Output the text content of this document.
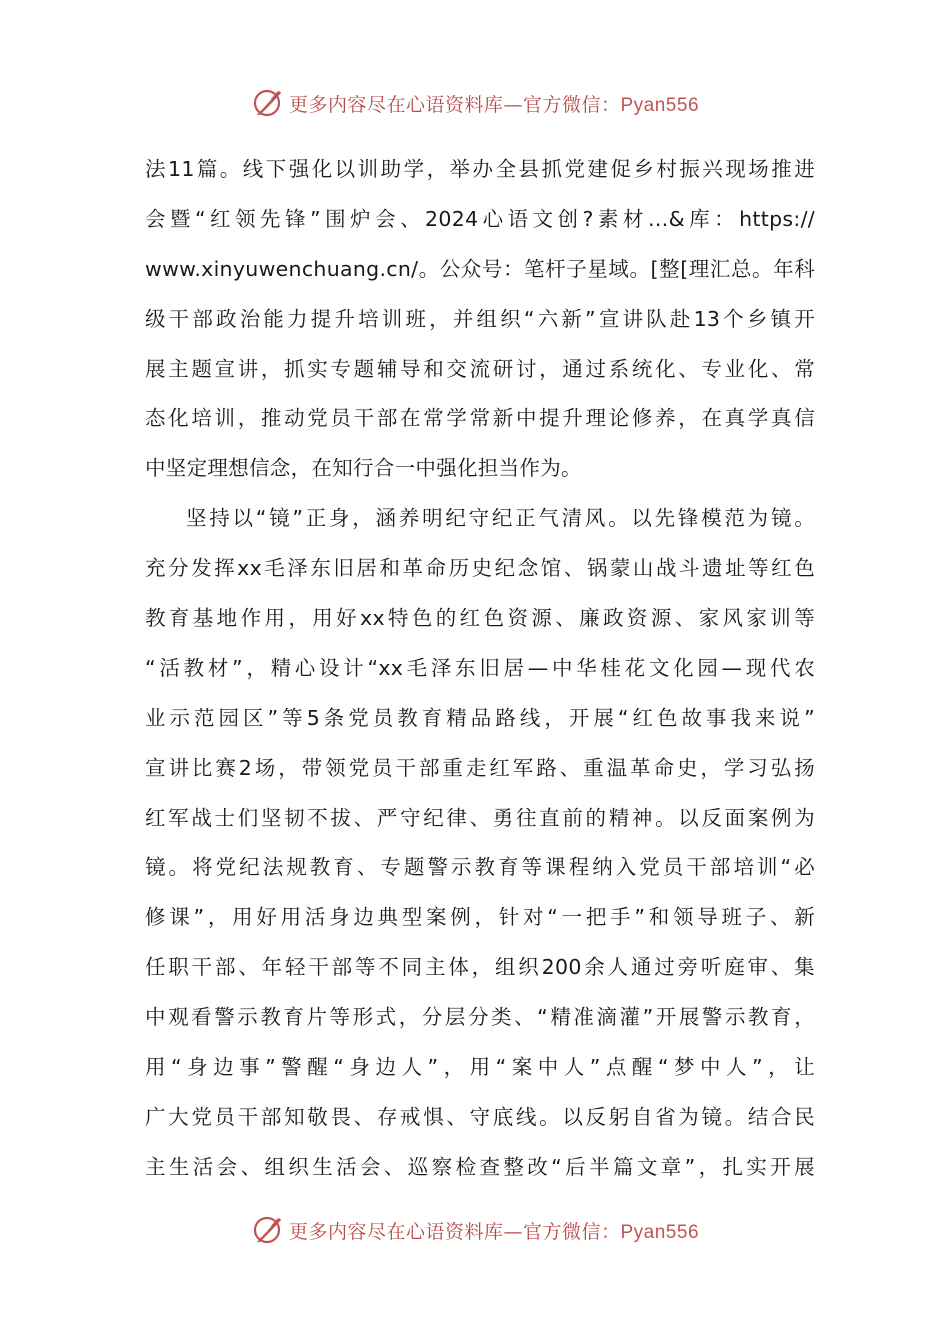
更多内容尽在心语资料库—官方微信：Pyan556
法11篇。线下强化以训助学，举办全县抓党建促乡村振兴现场推进
会暨“红领先锋”围炉会、2024心语文创?素材…&库：https://
www.xinyuwenchuang.cn/。公众号：笔杆子星域。[整[理汇总。年科
级干部政治能力提升培训班，并组织“六新”宣讲队赴13个乡镇开
展主题宣讲，抓实专题辅导和交流研讨，通过系统化、专业化、常
态化培训，推动党员干部在常学常新中提升理论修养，在真学真信
中坚定理想信念，在知行合一中强化担当作为。
坚持以“镜”正身，涵养明纪守纪正气清风。以先锋模范为镜。
充分发挥xx毛泽东旧居和革命历史纪念馆、锅蒙山战斗遗址等红色
教育基地作用，用好xx特色的红色资源、廉政资源、家风家训等
“活教材”，精心设计“xx毛泽东旧居—中华桂花文化园—现代农
业示范园区”等5条党员教育精品路线，开展“红色故事我来说”
宣讲比赛2场，带领党员干部重走红军路、重温革命史，学习弘扬
红军战士们坚韧不拔、严守纪律、勇往直前的精神。以反面案例为
镜。将党纪法规教育、专题警示教育等课程纳入党员干部培训“必
修课”，用好用活身边典型案例，针对“一把手”和领导班子、新
任职干部、年轻干部等不同主体，组织200余人通过旁听庭审、集
中观看警示教育片等形式，分层分类、“精准滴灌”开展警示教育，
用“身边事”警醒“身边人”，用“案中人”点醒“梦中人”，让
广大党员干部知敬畏、存戒惧、守底线。以反躬自省为镜。结合民
主生活会、组织生活会、巡察检查整改“后半篇文章”，扎实开展
更多内容尽在心语资料库—官方微信：Pyan556
